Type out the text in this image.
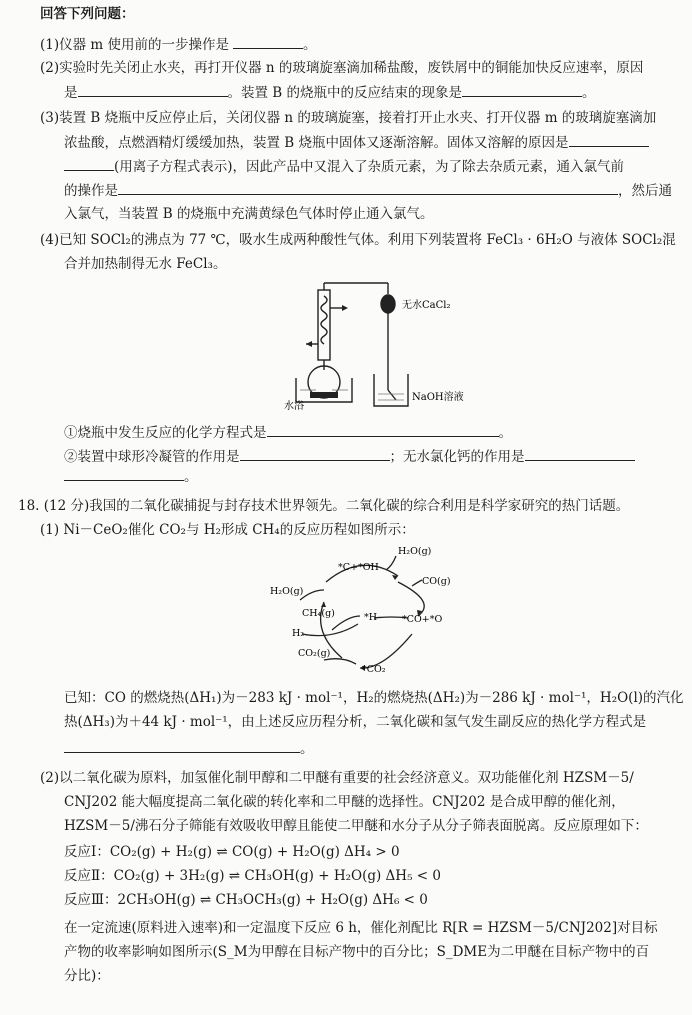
回答下列问题：
(1)仪器 m 使用前的一步操作是	。
(2)实验时先关闭止水夹，再打开仪器 n 的玻璃旋塞滴加稀盐酸，废铁屑中的铜能加快反应速率，原因
是	。装置 B 的烧瓶中的反应结束的现象是	。
(3)装置 B 烧瓶中反应停止后，关闭仪器 n 的玻璃旋塞，接着打开止水夹、打开仪器 m 的玻璃旋塞滴加
浓盐酸，点燃酒精灯缓缓加热，装置 B 烧瓶中固体又逐渐溶解。固体又溶解的原因是
(用离子方程式表示)，因此产品中又混入了杂质元素，为了除去杂质元素，通入氯气前
的操作是	，然后通
入氯气，当装置 B 的烧瓶中充满黄绿色气体时停止通入氯气。
(4)已知 SOCl₂的沸点为 77 ℃，吸水生成两种酸性气体。利用下列装置将 FeCl₃ · 6H₂O 与液体 SOCl₂混
合并加热制得无水 FeCl₃。
无水CaCl₂
水浴
NaOH溶液
①烧瓶中发生反应的化学方程式是	。
②装置中球形冷凝管的作用是	；无水氯化钙的作用是
。
18. (12 分)我国的二氧化碳捕捉与封存技术世界领先。二氧化碳的综合利用是科学家研究的热门话题。
(1) Ni－CeO₂催化 CO₂与 H₂形成 CH₄的反应历程如图所示：
H₂O(g)
*C+*OH
H₂O(g)
CO(g)
CH₄(g)	*H	*CO+*O
H₂
CO₂(g)
*CO₂
已知：CO 的燃烧热(ΔH₁)为－283 kJ · mol⁻¹，H₂的燃烧热(ΔH₂)为－286 kJ · mol⁻¹，H₂O(l)的汽化
热(ΔH₃)为＋44 kJ · mol⁻¹，由上述反应历程分析，二氧化碳和氢气发生副反应的热化学方程式是
。
(2)以二氧化碳为原料，加氢催化制甲醇和二甲醚有重要的社会经济意义。双功能催化剂 HZSM－5/
CNJ202 能大幅度提高二氧化碳的转化率和二甲醚的选择性。CNJ202 是合成甲醇的催化剂，
HZSM－5/沸石分子筛能有效吸收甲醇且能使二甲醚和水分子从分子筛表面脱离。反应原理如下：
反应Ⅰ：CO₂(g) + H₂(g) ⇌ CO(g) + H₂O(g) ΔH₄ > 0
反应Ⅱ：CO₂(g) + 3H₂(g) ⇌ CH₃OH(g) + H₂O(g) ΔH₅ < 0
反应Ⅲ：2CH₃OH(g) ⇌ CH₃OCH₃(g) + H₂O(g) ΔH₆ < 0
在一定流速(原料进入速率)和一定温度下反应 6 h，催化剂配比 R[R = HZSM－5/CNJ202]对目标
产物的收率影响如图所示(S_M为甲醇在目标产物中的百分比；S_DME为二甲醚在目标产物中的百
分比)：
